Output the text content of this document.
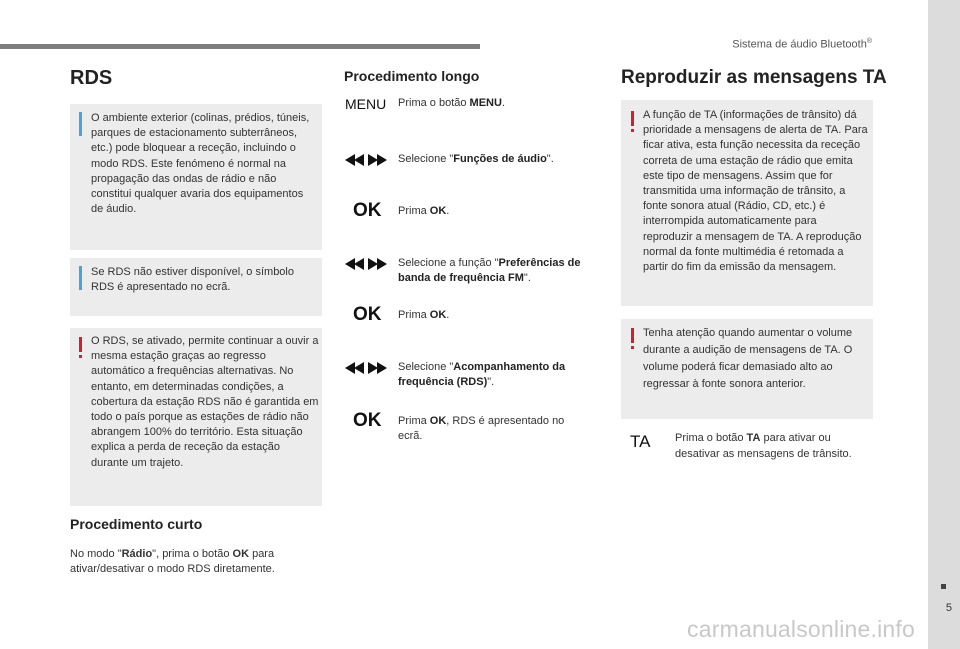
Sistema de áudio Bluetooth®
5
carmanualsonline.info
RDS

O ambiente exterior (colinas, prédios, túneis, parques de estacionamento subterrâneos, etc.) pode bloquear a receção, incluindo o modo RDS. Este fenómeno é normal na propagação das ondas de rádio e não constitui qualquer avaria dos equipamentos de áudio.

Se RDS não estiver disponível, o símbolo RDS é apresentado no ecrã.

O RDS, se ativado, permite continuar a ouvir a mesma estação graças ao regresso automático a frequências alternativas. No entanto, em determinadas condições, a cobertura da estação RDS não é garantida em todo o país porque as estações de rádio não abrangem 100% do território. Esta situação explica a perda de receção da estação durante um trajeto.

Procedimento curto

No modo "Rádio", prima o botão OK para ativar/desativar o modo RDS diretamente.

Procedimento longo
MENU Prima o botão MENU.
Selecione "Funções de áudio".
OK Prima OK.
Selecione a função "Preferências de banda de frequência FM".
OK Prima OK.
Selecione "Acompanhamento da frequência (RDS)".
OK Prima OK, RDS é apresentado no ecrã.
Reproduzir as mensagens TA

A função de TA (informações de trânsito) dá prioridade a mensagens de alerta de TA. Para ficar ativa, esta função necessita da receção correta de uma estação de rádio que emita este tipo de mensagens. Assim que for transmitida uma informação de trânsito, a fonte sonora atual (Rádio, CD, etc.) é interrompida automaticamente para reproduzir a mensagem de TA. A reprodução normal da fonte multimédia é retomada a partir do fim da emissão da mensagem.

Tenha atenção quando aumentar o volume durante a audição de mensagens de TA. O volume poderá ficar demasiado alto ao regressar à fonte sonora anterior.

TA Prima o botão TA para ativar ou desativar as mensagens de trânsito.
